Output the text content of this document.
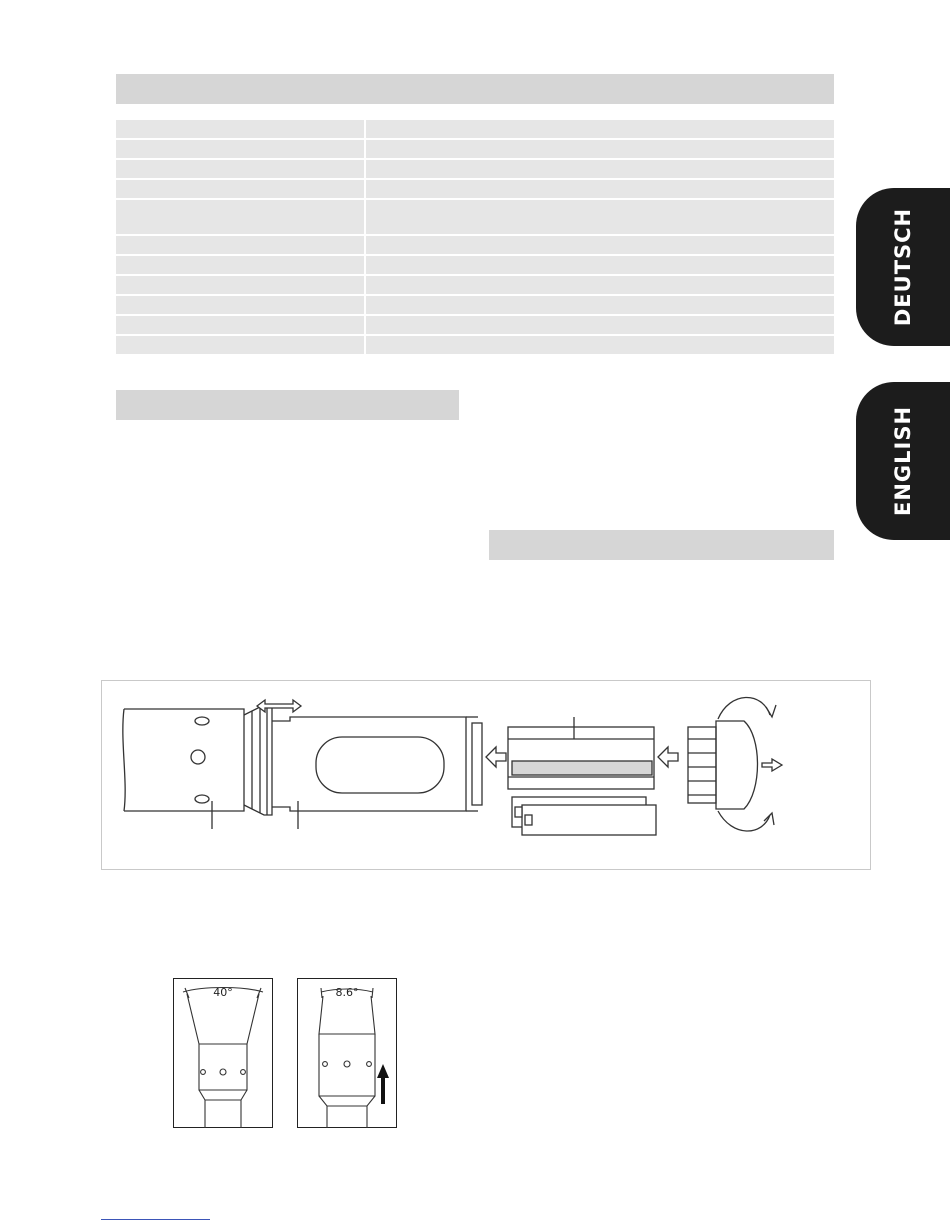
DEUTSCH
ENGLISH
40°	8.6°
